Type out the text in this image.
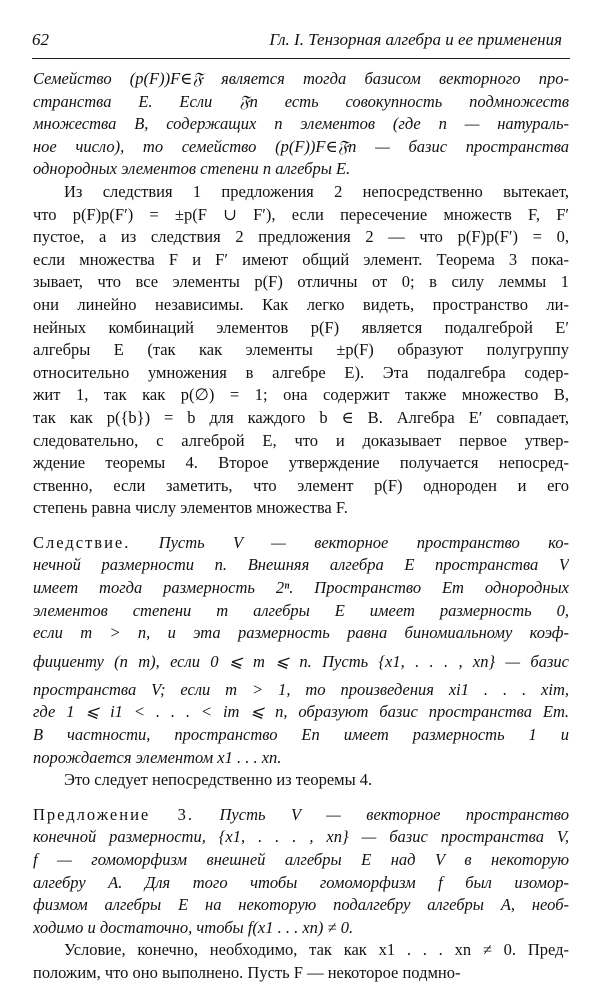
62	Гл. I. Тензорная алгебра и ее применения
Семейство (p(F))F∈𝔉 является тогда базисом векторного про-
странства E. Если 𝔉n есть совокупность подмножеств
множества B, содержащих n элементов (где n — натураль-
ное число), то семейство (p(F))F∈𝔉n — базис пространства
однородных элементов степени n алгебры E.
Из следствия 1 предложения 2 непосредственно вытекает,
что p(F)p(F′) = ±p(F ∪ F′), если пересечение множеств F, F′
пустое, а из следствия 2 предложения 2 — что p(F)p(F′) = 0,
если множества F и F′ имеют общий элемент. Теорема 3 пока-
зывает, что все элементы p(F) отличны от 0; в силу леммы 1
они линейно независимы. Как легко видеть, пространство ли-
нейных комбинаций элементов p(F) является подалгеброй E′
алгебры E (так как элементы ±p(F) образуют полугруппу
относительно умножения в алгебре E). Эта подалгебра содер-
жит 1, так как p(∅) = 1; она содержит также множество B,
так как p({b}) = b для каждого b ∈ B. Алгебра E′ совпадает,
следовательно, с алгеброй E, что и доказывает первое утвер-
ждение теоремы 4. Второе утверждение получается непосред-
ственно, если заметить, что элемент p(F) однороден и его
степень равна числу элементов множества F.
Следствие. Пусть V — векторное пространство ко-
нечной размерности n. Внешняя алгебра E пространства V
имеет тогда размерность 2ⁿ. Пространство Em однородных
элементов степени m алгебры E имеет размерность 0,
если m > n, и эта размерность равна биномиальному коэф-
фициенту (n m), если 0 ⩽ m ⩽ n. Пусть {x1, . . . , xn} — базис
пространства V; если m > 1, то произведения xi1 . . . xim,
где 1 ⩽ i1 < . . . < im ⩽ n, образуют базис пространства Em.
В частности, пространство En имеет размерность 1 и
порождается элементом x1 . . . xn.
Это следует непосредственно из теоремы 4.
Предложение 3. Пусть V — векторное пространство
конечной размерности, {x1, . . . , xn} — базис пространства V,
f — гомоморфизм внешней алгебры E над V в некоторую
алгебру A. Для того чтобы гомоморфизм f был изомор-
физмом алгебры E на некоторую подалгебру алгебры A, необ-
ходимо и достаточно, чтобы f(x1 . . . xn) ≠ 0.
Условие, конечно, необходимо, так как x1 . . . xn ≠ 0. Пред-
положим, что оно выполнено. Пусть F — некоторое подмно-
